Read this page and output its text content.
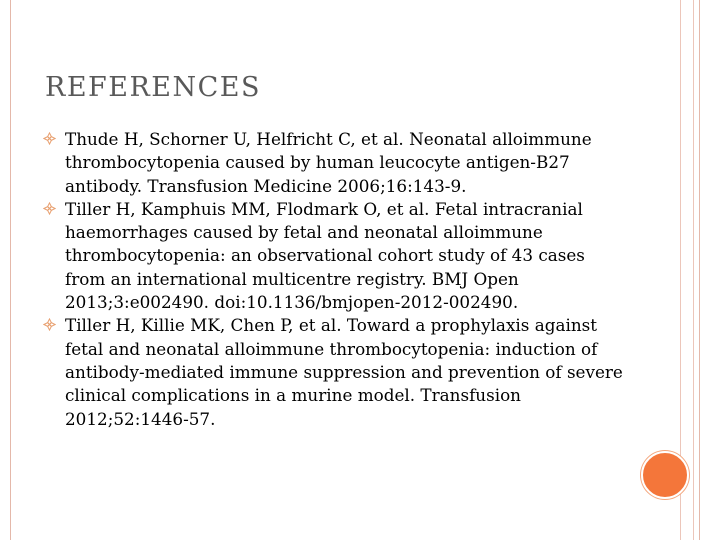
REFERENCES
Thude H, Schorner U, Helfricht C, et al. Neonatal alloimmune thrombocytopenia caused by human leucocyte antigen-B27 antibody. Transfusion Medicine 2006;16:143-9.
Tiller H, Kamphuis MM, Flodmark O, et al. Fetal intracranial haemorrhages caused by fetal and neonatal alloimmune thrombocytopenia: an observational cohort study of 43 cases from an international multicentre registry. BMJ Open 2013;3:e002490. doi:10.1136/bmjopen-2012-002490.
Tiller H, Killie MK, Chen P, et al. Toward a prophylaxis against fetal and neonatal alloimmune thrombocytopenia: induction of antibody-mediated immune suppression and prevention of severe clinical complications in a murine model. Transfusion 2012;52:1446-57.
